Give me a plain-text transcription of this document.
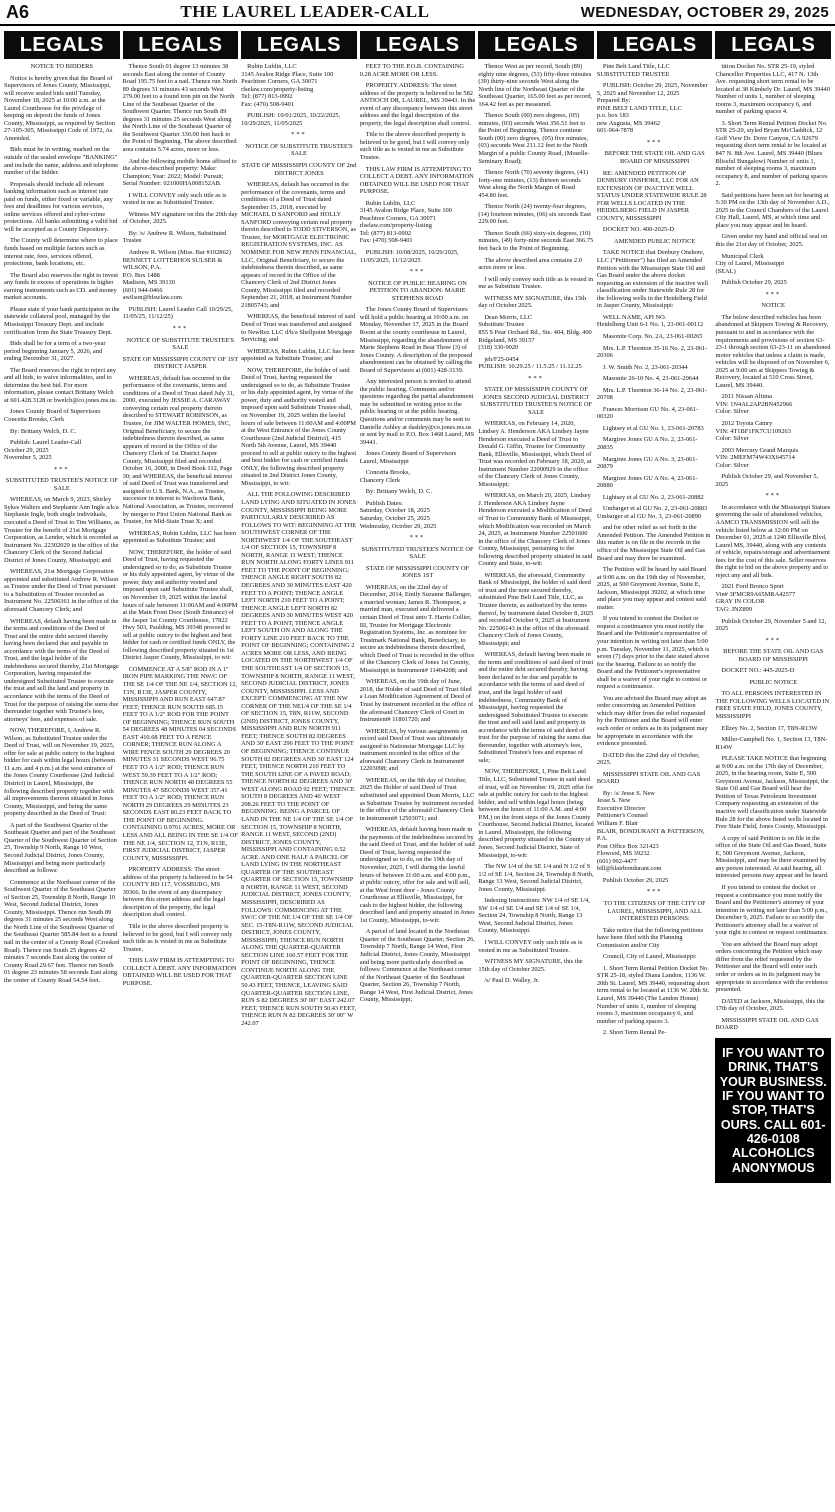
A6	THE LAUREL LEADER-CALL	WEDNESDAY, OCTOBER 29, 2025
LEGALS	LEGALS	LEGALS	LEGALS	LEGALS	LEGALS	LEGALS

NOTICE TO BIDDERS

Notice is hereby given that the Board of Supervisors of Jones County, Mississippi, will receive sealed bids until Tuesday, November 18, 2025 at 10:00 a.m. at the Laurel Courthouse for the privilege of keeping on deposit the funds of Jones County, Mississippi, as required by Section 27-105-305, Mississippi Code of 1972, As Amended.

Bids must be in writing, marked on the outside of the sealed envelope "BANKING" and include the name, address and telephone number of the bidder.

Proposals should include all relevant banking information such as interest rate paid on funds, either fixed or variable, any fees and deadlines for various services, online services offered and cyber-crime protections. All banks submitting a valid bid will be accepted as a County Depository.

The County will determine where to place funds based on multiple factors such as interest rate, fees, services offered, protections, bank locations, etc.

The Board also reserves the right to invest any funds in excess of operations in higher earning instruments such as CD. and money market accounts.

Please state if your bank participates in the statewide collateral pool, managed by the Mississippi Treasury Dept. and include certification from the State Treasury Dept.

Bids shall be for a term of a two-year period beginning January 5, 2026, and ending December 31, 2027.

The Board reserves the right to reject any and all bids, to waive informalities, and to determine the best bid. For more information, please contact Brittany Welch at 601.428.3128 or bwelch@co.jones.ms.us.

Jones County Board of Supervisors
Concetta Brooks, Clerk

By: Brittany Welch, D. C.

Publish: Laurel Leader-Call
October 29, 2025
November 5, 2025

***

SUBSTITUTED TRUSTEE'S NOTICE OF SALE

WHEREAS, on March 9, 2023, Shirley Sykes Walters and Stephanie Ann Ingle a/k/a Stephanie Ingle, both single individuals, executed a Deed of Trust to Tim Williams, as Trustee for the benefit of 21st Mortgage Corporation, as Lender, which is recorded as Instrument No. 22302029 in the office of the Chancery Clerk of the Second Judicial District of Jones County, Mississippi; and

WHEREAS, 21st Mortgage Corporation appointed and substituted Andrew R. Wilson as Trustee under the Deed of Trust pursuant to a Substitution of Trustee recorded as Instrument No. 22506361 in the office of the aforesaid Chancery Clerk; and

WHEREAS, default having been made in the terms and conditions of the Deed of Trust and the entire debt secured thereby having been declared due and payable in accordance with the terms of the Deed of Trust, and the legal holder of the indebtedness secured thereby, 21st Mortgage Corporation, having requested the undersigned Substituted Trustee to execute the trust and sell the land and property in accordance with the terms of the Deed of Trust for the purpose of raising the sums due thereunder together with Trustee's fees, attorneys' fees, and expenses of sale.

NOW, THEREFORE, I, Andrew R. Wilson, as Substituted Trustee under the Deed of Trust, will on November 19, 2025, offer for sale at public outcry to the highest bidder for cash within legal hours (between 11 a.m. and 4 p.m.) at the west entrance of the Jones County Courthouse (2nd Judicial District) in Laurel, Mississippi, the following described property together with all improvements thereon situated in Jones County, Mississippi, and being the same property described in the Deed of Trust:

A part of the Southwest Quarter of the Southeast Quarter and part of the Southeast Quarter of the Southwest Quarter of Section 25, Township 9 North, Range 10 West, Second Judicial District, Jones County, Mississippi and being more particularly described as follows:

Commence at the Northeast corner of the Southwest Quarter of the Southeast Quarter of Section 25, Township 8 North, Range 10 West, Second Judicial District, Jones County, Mississippi. Thence run South 89 degrees 31 minutes 25 seconds West along the North Line of the Southwest Quarter of the Southeast Quarter 585.84 feet to a found nail in the center of a County Road (Crooked Road). Thence run South 25 degrees 42 minutes 7 seconds East along the center of County Road 29.67 feet. Thence run South 01 degree 23 minutes 58 seconds East along the center of County Road 54.54 feet.

Thence South 01 degree 13 minutes 38 seconds East along the center of County Road 195.75 feet to a nail. Thence run North 89 degrees 31 minutes 43 seconds West 279.00 feet to a found iron pin on the North Line of the Southeast Quarter of the Southwest Quarter. Thence run South 89 degrees 31 minutes 25 seconds West along the North Line of the Southeast Quarter of the Southwest Quarter 330.00 feet back to the Point of Beginning. The above described area contains 5.74 acres, more or less.

And the following mobile home affixed to the above-described property: Make: Champion; Year: 2022; Model: Pursuit; Serial Number: 021000HA008152AB.

I WILL CONVEY only such title as is vested in me as Substituted Trustee.

Witness MY signature on this the 20th day of October, 2025.

By: /s/ Andrew R. Wilson, Substituted Trustee

Andrew R. Wilson (Miss. Bar #102862)
BENNETT LOTTERHOS SULSER & WILSON, P.A.
P.O. Box 1488
Madison, MS 39130
(601) 944-0466
awilson@blswlaw.com

PUBLISH: Laurel Leader Call 10/29/25, 11/05/25, 11/12/25)

***

NOTICE OF SUBSTITUTE TRUSTEE'S SALE

STATE OF MISSISSIPPI COUNTY OF 1ST DISTRICT JASPER

WHEREAS, default has occurred in the performance of the covenants, terms and conditions of a Deed of Trust dated July 31, 2000, executed by JESSIE A. CARAWAY conveying certain real property therein described to STEWART ROBINSON, as Trustee, for JIM WALTER HOMES, INC, Original Beneficiary, to secure the indebtedness therein described, as same appears of record in the Office of the Chancery Clerk of 1st District Jasper County, Mississippi filed and recorded October 16, 2000, in Deed Book 112, Page 30; and WHEREAS, the beneficial interest of said Deed of Trust was transferred and assigned to U.S. Bank, N.A., as Trustee, successor in interest to Wachovia Bank, National Association, as Trustee, recovered by merger to First Union National Bank as Trustee, for Mid-State Trust X; and

WHEREAS, Rubin Lublin, LLC has been appointed as Substitute Trustee; and

NOW, THEREFORE, the holder of said Deed of Trust, having requested the undersigned so to do, as Substitute Trustee or his duly appointed agent, by virtue of the power, duty and authority vested and imposed upon said Substitute Trustee shall, on November 19, 2025 within the lawful hours of sale between 11:00AM and 4:00PM at the Main Front Door (South Entrance) of the Jasper 1st County Courthouse, 17822 Hwy 503, Paulding, MS 39348 proceed to sell at public outcry to the highest and best bidder for cash or certified funds ONLY, the following described property situated in 1st District Jasper County, Mississippi, to wit:

COMMENCE AT A 5/8" ROD IN A 1" IRON PIPE MARKING THE NW/C OF THE SE 1/4 OF THE NE 1/4, SECTION 12, T1N, R13E, JASPER COUNTY, MISSISSIPPI AND RUN EAST 647.87 FEET; THENCE RUN SOUTH 685.15 FEET TO A 1/2" ROD FOR THE POINT OF BEGINNING; THENCE RUN SOUTH 54 DEGREES 48 MINUTES 04 SECONDS EAST 410.68 FEET TO A FENCE CORNER; THENCE RUN ALONG A WIRE FENCE SOUTH 29 DEGREES 20 MINUTES 31 SECONDS WEST 96.75 FEET TO A 1/2" ROD; THENCE RUN WEST 59.39 FEET TO A 1/2" ROD; THENCE RUN NORTH 48 DEGREES 55 MINUTES 47 SECONDS WEST 357.41 FEET TO A 1/2" ROD; THENCE RUN NORTH 29 DEGREES 29 MINUTES 23 SECONDS EAST 80.23 FEET BACK TO THE POINT OF BEGINNING. CONTAINING 0.9761 ACRES, MORE OR LESS AND ALL BEING IN THE SE 1/4 OF THE NE 1/4, SECTION 12, T1N, R13E, FIRST JUDICIAL DISTRICT, JASPER COUNTY, MISSISSIPPI.

PROPERTY ADDRESS: The street address of the property is believed to be 54 COUNTY RD 117, VOSSBURG, MS 39366. In the event of any discrepancy between this street address and the legal description of the property, the legal description shall control.

Title to the above described property is believed to be good, but I will convey only such title as is vested in me as Substitute Trustee.

THIS LAW FIRM IS ATTEMPTING TO COLLECT A DEBT. ANY INFORMATION OBTAINED WILL BE USED FOR THAT PURPOSE.

Rubin Lublin, LLC
3145 Avalon Ridge Place, Suite 100
Peachtree Corners, GA 30071
rlselaw.com/property-listing
Tel: (877) 813-0992
Fax: (470) 508-9401

PUBLISH: 10/01/2025, 10/22/2025, 10/29/2025, 11/05/2025

***

NOTICE OF SUBSTITUTE TRUSTEE'S SALE

STATE OF MISSISSIPPI COUNTY OF 2nd DISTRICT JONES

WHEREAS, default has occurred in the performance of the covenants, terms and conditions of a Deed of Trust dated September 15, 2018, executed by MICHAEL D SANFORD and HOLLY SANFORD conveying certain real property therein described to TODD STIVERSON, as Trustee, for MORTGAGE ELECTRONIC REGISTRATION SYSTEMS, INC. AS NOMINEE FOR NEW PENN FINANCIAL, LLC, Original Beneficiary, to secure the indebtedness therein described, as same appears of record in the Office of the Chancery Clerk of 2nd District Jones County, Mississippi filed and recorded September 21, 2018, at Instrument Number 21805743; and

WHEREAS, the beneficial interest of said Deed of Trust was transferred and assigned to NewRez LLC d/b/a Shellpoint Mortgage Servicing; and

WHEREAS, Rubin Lublin, LLC has been appointed as Substitute Trustee; and

NOW, THEREFORE, the holder of said Deed of Trust, having requested the undersigned so to do, as Substitute Trustee or his duly appointed agent, by virtue of the power, duty and authority vested and imposed upon said Substitute Trustee shall, on November 19, 2025 within the lawful hours of sale between 11:00AM and 4:00PM at the West Entrance of the Jones County Courthouse (2nd Judicial District), 415 North 5th Avenue, Laurel, MS 39440 proceed to sell at public outcry to the highest and best bidder for cash or certified funds ONLY, the following described property situated in 2nd District Jones County, Mississippi, to wit:

ALL THE FOLLOWING DESCRIBED LAND LYING AND SITUATED IN JONES COUNTY, MISSISSIPPI BEING MORE PARTICULARLY DESCRIBED AS FOLLOWS TO WIT: BEGINNING AT THE SOUTHWEST CORNER OF THE NORTHWEST 1/4 OF THE SOUTHEAST 1/4 OF SECTION 15, TOWNSHIP 8 NORTH, RANGE 11 WEST; THENCE RUN NORTH ALONG FORTY LINES 911 FEET TO THE POINT OF BEGINNING; THENCE ANGLE RIGHT SOUTH 82 DEGREES AND 30 MINUTES EAST 420 FEET TO A POINT; THENCE ANGLE LEFT NORTH 210 FEET TO A POINT; THENCE ANGLE LEFT NORTH 82 DEGREES AND 30 MINUTES WEST 420 FEET TO A POINT; THENCE ANGLE LEFT SOUTH ON AND ALONG THE FORTY LINE 210 FEET BACK TO THE POINT OF BEGINNING; CONTAINING 2 ACRES MORE OR LESS, AND BEING LOCATED IN THE NORTHWEST 1/4 OF THE SOUTHEAST 1/4 OF SECTION 15, TOWNSHIP 8 NORTH, RANGE 11 WEST, SECOND JUDICIAL DISTRICT, JONES COUNTY, MISSISSIPPI. LESS AND EXCEPT: COMMENCING AT THE NW CORNER OF THE NE1/4 OF THE SE 1/4 OF SECTION 15, T8N, R11W, SECOND (2ND) DISTRICT, JONES COUNTY, MISSISSIPPI AND RUN NORTH 911 FEET; THENCE SOUTH 82 DEGREES AND 30' EAST 296 FEET TO THE POINT OF BEGINNING; THENCE CONTINUE SOUTH 82 DEGREES AND 30' EAST 124 FEET, THENCE NORTH 210 FEET TO THE SOUTH LINE OF A PAVED ROAD; THENCE NORTH 82 DEGREES AND 30' WEST ALONG ROAD 92 FEET; THENCE SOUTH 8 DEGREES AND 46' WEST 208.26 FEET TO THE POINT OF BEGINNING. BEING A PARCEL OF LAND IN THE NE 1/4 OF THE SE 1/4 OF SECTION 15, TOWNSHIP 8 NORTH, RANGE 11 WEST, SECOND (2ND) DISTRICT, JONES COUNTY, MISSISSIPPI AND CONTAINING 0.52 ACRE. AND ONE HALF A PARCEL OF LAND LYING IN THE NORTHEAST QUARTER OF THE SOUTHEAST QUARTER OF SECTION 15, TOWNSHIP 8 NORTH, RANGE 11 WEST, SECOND JUDICIAL DISTRICT, JONES COUNTY, MISSISSIPPI, DESCRIBED AS FOLLOWS: COMMENCING AT THE SW/C OF THE NE 1/4 OF THE SE 1/4 OF SEC. 15-T8N-R11W, SECOND JUDICIAL DISTRICT, JONES COUNTY, MISSISSIPPI; THENCE RUN NORTH ALONG THE QUARTER-QUARTER SECTION LINE 160.57 FEET FOR THE POINT OF BEGINNING, THENCE CONTINUE NORTH ALONG THE QUARTER-QUARTER SECTION LINE 50.43 FEET, THENCE, LEAVING SAID QUARTER-QUARTER SECTION LINE, RUN S 82 DEGREES 30' 00" EAST 242.07 FEET, THENCE RUN SOUTH 50.43 FEET, THENCE RUN N 82 DEGREES 30' 00" W 242.07

FEET TO THE P.O.B. CONTAINING 0.28 ACRE MORE OR LESS.

PROPERTY ADDRESS: The street address of the property is believed to be 582 ANTIOCH DR, LAUREL, MS 39443. In the event of any discrepancy between this street address and the legal description of the property, the legal description shall control.

Title to the above described property is believed to be good, but I will convey only such title as is vested in me as Substitute Trustee.

THIS LAW FIRM IS ATTEMPTING TO COLLECT A DEBT. ANY INFORMATION OBTAINED WILL BE USED FOR THAT PURPOSE.

Rubin Lublin, LLC
3145 Avalon Ridge Place, Suite 100
Peachtree Corners, GA 30071
rlselaw.com/property-listing
Tel: (877) 813-0992
Fax: (470) 508-9401

PUBLISH: 10/08/2025, 10/29/2025, 11/05/2025, 11/12/2025

***

NOTICE OF PUBLIC HEARING ON PETITION TO ABANDON: MARIE STEPHENS ROAD

The Jones County Board of Supervisors will hold a public hearing at 10:00 a.m. on Monday, November 17, 2025 in the Board Room at the county courthouse in Laurel, Mississippi, regarding the abandonment of Marie Stephens Road in Beat Three (3) of Jones County. A description of the proposed abandonment can be obtained by calling the Board of Supervisors at (601) 428-3139.

Any interested person is invited to attend the public hearing. Comments and/or questions regarding the partial abandonment may be submitted in writing prior to the public hearing or at the public hearing. Questions and/or comments may be sent to Danielle Ashley at dashley@co.jones.ms.us or sent by mail to P.O. Box 1468 Laurel, MS 39441.

Jones County Board of Supervisors
Laurel, Mississippi

Concetta Brooks,
Chancery Clerk

By: Brittany Welch, D. C.

Publish Dates:
Saturday, October 18, 2025
Saturday, October 25, 2025
Wednesday, October 29, 2025

***

SUBSTITUTED TRUSTEE'S NOTICE OF SALE

STATE OF MISSISSIPPI COUNTY OF JONES 1ST

WHEREAS, on the 22nd day of December, 2014, Emily Suzanne Ballenger, a married woman; James R. Thompson, a married man, executed and delivered a certain Deed of Trust unto T. Harris Collier, III, Trustee for Mortgage Electronic Registration Systems, Inc. as nominee for Trustmark National Bank, Beneficiary, to secure an indebtedness therein described, which Deed of Trust is recorded in the office of the Chancery Clerk of Jones 1st County, Mississippi in Instrument# 11404208; and

WHEREAS, on the 19th day of June, 2018, the Holder of said Deed of Trust filed a Loan Modification Agreement of Deed of Trust by instrument recorded in the office of the aforesaid Chancery Clerk of Court in Instrument# 11801720; and

WHEREAS, by various assignments on record said Deed of Trust was ultimately assigned to Nationstar Mortgage LLC by instrument recorded in the office of the aforesaid Chancery Clerk in Instrument# 12203098; and

WHEREAS, on the 9th day of October, 2025 the Holder of said Deed of Trust substituted and appointed Dean Morris, LLC as Substitute Trustee by instrument recorded in the office of the aforesaid Chancery Clerk in Instrument# 12503071; and

WHEREAS, default having been made in the payments of the indebtedness secured by the said Deed of Trust, and the holder of said Deed of Trust, having requested the undersigned so to do, on the 19th day of November, 2025, I will during the lawful hours of between 11:00 a.m. and 4:00 p.m., at public outcry, offer for sale and will sell, at the West front door - Jones County Courthouse at Ellisville, Mississippi, for cash to the highest bidder, the following described land and property situated in Jones 1st County, Mississippi, to-wit:

A parcel of land located in the Northeast Quarter of the Southeast Quarter, Section 26, Township 7 North, Range 14 West, First Judicial District, Jones County, Mississippi and being more particularly described as follows: Commence at the Northeast corner of the Northeast Quarter of the Southeast Quarter, Section 26, Township 7 North, Range 14 West, First Judicial District, Jones County, Mississippi;

Thence West as per record, South (89) eighty nine degrees, (53) fifty-three minutes (39) thirty-nine seconds West along the North line of the Northeast Quarter of the Southeast Quarter, 165.00 feet as per record, 164.42 feet as per measured.

Thence South (00) zero degrees, (05) minutes, (03) seconds West 356.51 feet to the Point of Beginning. Thence continue South (00) zero degrees, (05) five minutes, (03) seconds West 211.12 feet to the North Margin of a public County Road, (Moselle-Seminary Road);

Thence North (70) seventy degrees, (41) forty-one minutes, (13) thirteen seconds West along the North Margin of Road 454.80 feet.

Thence North (24) twenty-four degrees, (14) fourteen minutes, (06) six seconds East 229.00 feet.

Thence South (66) sixty-six degrees, (10) minutes, (49) forty-nine seconds East 366.75 feet back to the Point of Beginning.

The above described area contains 2.0 acres more or less.

I will only convey such title as is vested in me as Substitute Trustee.

WITNESS MY SIGNATURE, this 15th day of October 2025.

Dean Morris, LLC
Substitute Trustee
855 S Pear Orchard Rd., Ste. 404, Bldg. 400
Ridgeland, MS 39157
(318) 330-9020

jeh/F25-0454
PUBLISH: 10.29.25 / 11.5.25 / 11.12.25

***

STATE OF MISSISSIPPI COUNTY OF JONES SECOND JUDICIAL DISTRICT SUBSTITUTED TRUSTEE'S NOTICE OF SALE

WHEREAS, on February 14, 2020, Lindsey A. Henderson AKA Lindsey Jayne Henderson executed a Deed of Trust to Donald G. Giffin, Trustee for Community Bank, Ellisville, Mississippi, which Deed of Trust was recorded on February 18, 2020, at Instrument Number 22000929 in the office of the Chancery Clerk of Jones County, Mississippi;

WHEREAS, on March 20, 2025, Lindsey J. Henderson AKA Lindsey Jayne Henderson executed a Modification of Deed of Trust to Community Bank of Mississippi, which Modification was recorded on March 24, 2025, at Instrument Number 22501600 in the office of the Chancery Clerk of Jones County, Mississippi, pertaining to the following described property situated in said County and State, to-wit:

WHEREAS, the aforesaid, Community Bank of Mississippi, the holder of said deed of trust and the note secured thereby, substituted Pine Belt Land Title, LLC, as Trustee therein, as authorized by the terms thereof, by instrument dated October 8, 2025 and recorded October 9, 2025 at Instrument No. 22506143 in the office of the aforesaid Chancery Clerk of Jones County, Mississippi; and

WHEREAS, default having been made in the terms and conditions of said deed of trust and the entire debt secured thereby, having been declared to be due and payable in accordance with the terms of said deed of trust, and the legal holder of said indebtedness, Community Bank of Mississippi, having requested the undersigned Substituted Trustee to execute the trust and sell said land and property in accordance with the terms of said deed of trust for the purpose of raising the sums due thereunder, together with attorney's fees, Substituted Trustee's fees and expense of sale;

NOW, THEREFORE, I, Pine Belt Land Title, LLC, Substituted Trustee in said deed of trust, will on November 19, 2025 offer for sale at public outcry for cash to the highest bidder, and sell within legal hours (being between the hours of 11:00 A.M. and 4:00 P.M.) on the front steps of the Jones County Courthouse, Second Judicial District, located in Laurel, Mississippi, the following described property situated in the County of Jones, Second Judicial District, State of Mississippi, to-wit:

The NW 1/4 of the SE 1/4 and N 1/2 of S 1/2 of SE 1/4, Section 24, Township 8 North, Range 13 West, Second Judicial District, Jones County, Mississippi.

Indexing Instructions: NW 1/4 of SE 1/4, SW 1/4 of SE 1/4 and SE 1/4 of SE 1/4, Section 24, Township 8 North, Range 13 West, Second Judicial District, Jones County, Mississippi.

I WILL CONVEY only such title as is vested in me as Substituted Trustee.

WITNESS MY SIGNATURE, this the 15th day of October 2025.

/s/ Paul D. Walley, Jr.

Pine Belt Land Title, LLC
SUBSTITUTED TRUSTEE

PUBLISH: October 29, 2025, November 5, 2025 and November 12, 2025
Prepared By:
PINE BELT LAND TITLE, LLC
p.o. box 183
new Augusta, MS 39462
601-964-7878

***

BEFORE THE STATE OIL AND GAS BOARD OF MISSISSIPPI

RE: AMENDED PETITION OF DENBURY ONSHORE, LLC FOR AN EXTENSION OF INACTIVE WELL STATUS UNDER STATEWIDE RULE 28 FOR WELLS LOCATED IN THE HEIDELBERG FIELD IN JASPER COUNTY, MISSISSIPPI

DOCKET NO. 400-2025-D

AMENDED PUBLIC NOTICE

TAKE NOTICE that Denbury Onshore, LLC ("Petitioner") has filed an Amended Petition with the Mississippi State Oil and Gas Board under the above docket requesting an extension of the inactive well classification under Statewide Rule 28 for the following wells in the Heidelberg Field in Jasper County, Mississippi:

WELL NAME, API NO.
Heidelberg Unit 6-1 No. 1, 23-061-00112

Masonite Corp. No. 2A, 23-061-00265

Mrs. L.P. Thornton 35-16 No. 2, 23-061-20306

J. W. Smith No. 2, 23-061-20344

Masonite 26-10 No. 4, 23-061-20644

Mrs. L.P. Thornton 36-14 No. 2, 23-061-20708

Frances Morrison GU No. 4, 23-061-00320

Lightsey et al GU No. 1, 23-061-20783

Margiree Jones GU A No. 2, 23-061-20835

Margiree Jones GU A No. 3, 23-061-20879

Margiree Jones GU A No. 4, 23-061-20880

Lightsey et al GU No. 2, 23-061-20882

Umbarger et al GU No. 2, 23-061-20883
Umbarger et al GU No. 3, 23-061-20890

and for other relief as set forth in the Amended Petition. The Amended Petition in this matter is on file in the records in the office of the Mississippi State Oil and Gas Board and may there be examined.

The Petition will be heard by said Board at 9:00 a.m. on the 19th day of November, 2025, at 500 Greymont Avenue, Suite E, Jackson, Mississippi 39202, at which time and place you may appear and contest said matter.

If you intend to contest the Docket or request a continuance you must notify the Board and the Petitioner's representative of your intention in writing not later than 5:00 p.m. Tuesday, November 11, 2025, which is seven (7) days prior to the date stated above for the hearing. Failure to so notify the Board and the Petitioner's representative shall be a waiver of your right to contest or request a continuance.

You are advised the Board may adopt an order concerning an Amended Petition which may differ from the relief requested by the Petitioner and the Board will enter such order or orders as in its judgment may be appropriate in accordance with the evidence presented.

DATED this the 22nd day of October, 2025.

MISSISSIPPI STATE OIL AND GAS BOARD

By: /s/ Jesse S. New
Jesse S. New
Executive Director
Petitioner's Counsel
William F. Blair
BLAIR, BONDURANT & PATTERSON, P.A.
Post Office Box 321423
Flowood, MS 39232
(601) 992-4477
bill@blairbondurant.com

Publish October 29, 2025

***

TO THE CITIZENS OF THE CITY OF LAUREL, MISSISSIPPI, AND ALL INTERESTED PERSONS:

Take notice that the following petitions have been filed with the Planning Commission and/or City

Council, City of Laurel, Mississippi:

1. Short Term Rental Petition Docket No. STR 25-18, styled Diana Landon, 1136 W. 20th St. Laurel, MS 39440, requesting short term rental to be located at 1136 W. 20th St. Laurel, MS 39440 (The Landon House) Number of units 1, number of sleeping rooms 3, maximum occupancy 6, and number of parking spaces 3.

2. Short Term Rental Pe-

tition Docket No. STR 25-19, styled Chancellor Properties LLC, 417 N. 13th Ave. requesting short term rental to be located at 38 Kimbely Dr. Laurel, MS 39440 Number of units 1, number of sleeping rooms 3, maximum occupancy 6, and number of parking spaces 4.

3. Short Term Rental Petition Docket No. STR 25-20, styled Bryan McCladdick, 12 Golf View Dr. Dove Canyon, CA 92679 requesting short term rental to be located at 847 N. 8th Ave. Laurel, MS 39440 (Blues Blissful Bungalow) Number of units 1, number of sleeping rooms 3, maximum occupancy 8, and number of parking spaces 2.

Said petitions have been set for hearing at 5:30 PM on the 13th day of November A.D., 2025 in the Council Chambers of the Laurel City Hall, Laurel, MS, at which time and place you may appear and be heard.

Given under my hand and official seal on this the 21st day of October, 2025.

Municipal Clerk
City of Laurel, Mississippi
(SEAL)

Publish October 29, 2025

***

NOTICE

The below described vehicles has been abandoned at Skippers Towing & Recovery, pursuant to and in accordance with the requirements and provisions of section 63-23-1 through section 63-23-11 on abandoned motor vehicles that unless a claim is made, vehicles will be disposed of on November 6, 2025 at 9:00 am at Skippers Towing & Recovery, located at 510 Cross Street, Laurel, MS 39440.

2011 Nissan Altima
VIN: 1N4AL2AP2BN452966
Color: Silver

2012 Toyota Camry
VIN: 4T1BF1FK7CU109263
Color: Silver

2003 Mercury Grand Marquis
VIN: 2MEFM74W43X645714
Color: Silver

Publish October 29, and November 5, 2025

***

In accordance with the Mississippi Statues governing the sale of abandoned vehicles, AAMCO TRANSMISSION will sell the vehicle listed below at 12:00 PM on December 01, 2025 at 1240 Ellisville Blvd, Laurel MS, 39440, along with any contents of vehicle, repairs/storage and advertisement fees for the cost of this sale. Seller reserves the right to bid on the above property and to reject any and all bids.

2021 Ford Bronco Sport
Vin# 3FMCR9A65MRA42577
GRAY IN COLOR
TAG: JNZ899

Publish October 29, November 5 and 12, 2025

***

BEFORE THE STATE OIL AND GAS BOARD OF MISSISSIPPI

DOCKET NO.: 445-2025-D

PUBLIC NOTICE

TO ALL PERSONS INTERESTED IN THE FOLLOWING WELLS LOCATED IN FREE STATE FIELD, JONES COUNTY, MISSISSIPPI

Ellzey No. 2, Section 17, T8N-R13W

Miller-Campbell No. 1, Section 13, T8N-R14W

PLEASE TAKE NOTICE that beginning at 9:00 a.m. on the 17th day of December, 2025, in the hearing room, Suite E, 500 Greymont Avenue, Jackson, Mississippi, the State Oil and Gas Board will hear the Petition of Texas Petroleum Investment Company requesting an extension of the inactive well classification under Statewide Rule 28 for the above listed wells located in Free State Field, Jones County, Mississippi.

A copy of said Petition is on file in the office of the State Oil and Gas Board, Suite E, 500 Greymont Avenue, Jackson, Mississippi, and may be there examined by any person interested. At said hearing, all interested persons may appear and be heard.

If you intend to contest the docket or request a continuance you must notify the Board and the Petitioner's attorney of your intention in writing not later than 5:00 p.m., December 9, 2025. Failure to so notify the Petitioner's attorney shall be a waiver of your right to contest or request continuance.

You are advised the Board may adopt orders concerning the Petition which may differ from the relief requested by the Petitioner and the Board will enter such order or orders as in its judgment may be appropriate in accordance with the evidence presented.

DATED at Jackson, Mississippi, this the 17th day of October, 2025.

MISSISSIPPI STATE OIL AND GAS BOARD

IF YOU WANT TO DRINK, THAT'S YOUR BUSINESS. IF YOU WANT TO STOP, THAT'S OURS. CALL 601-426-0108 ALCOHOLICS ANONYMOUS
